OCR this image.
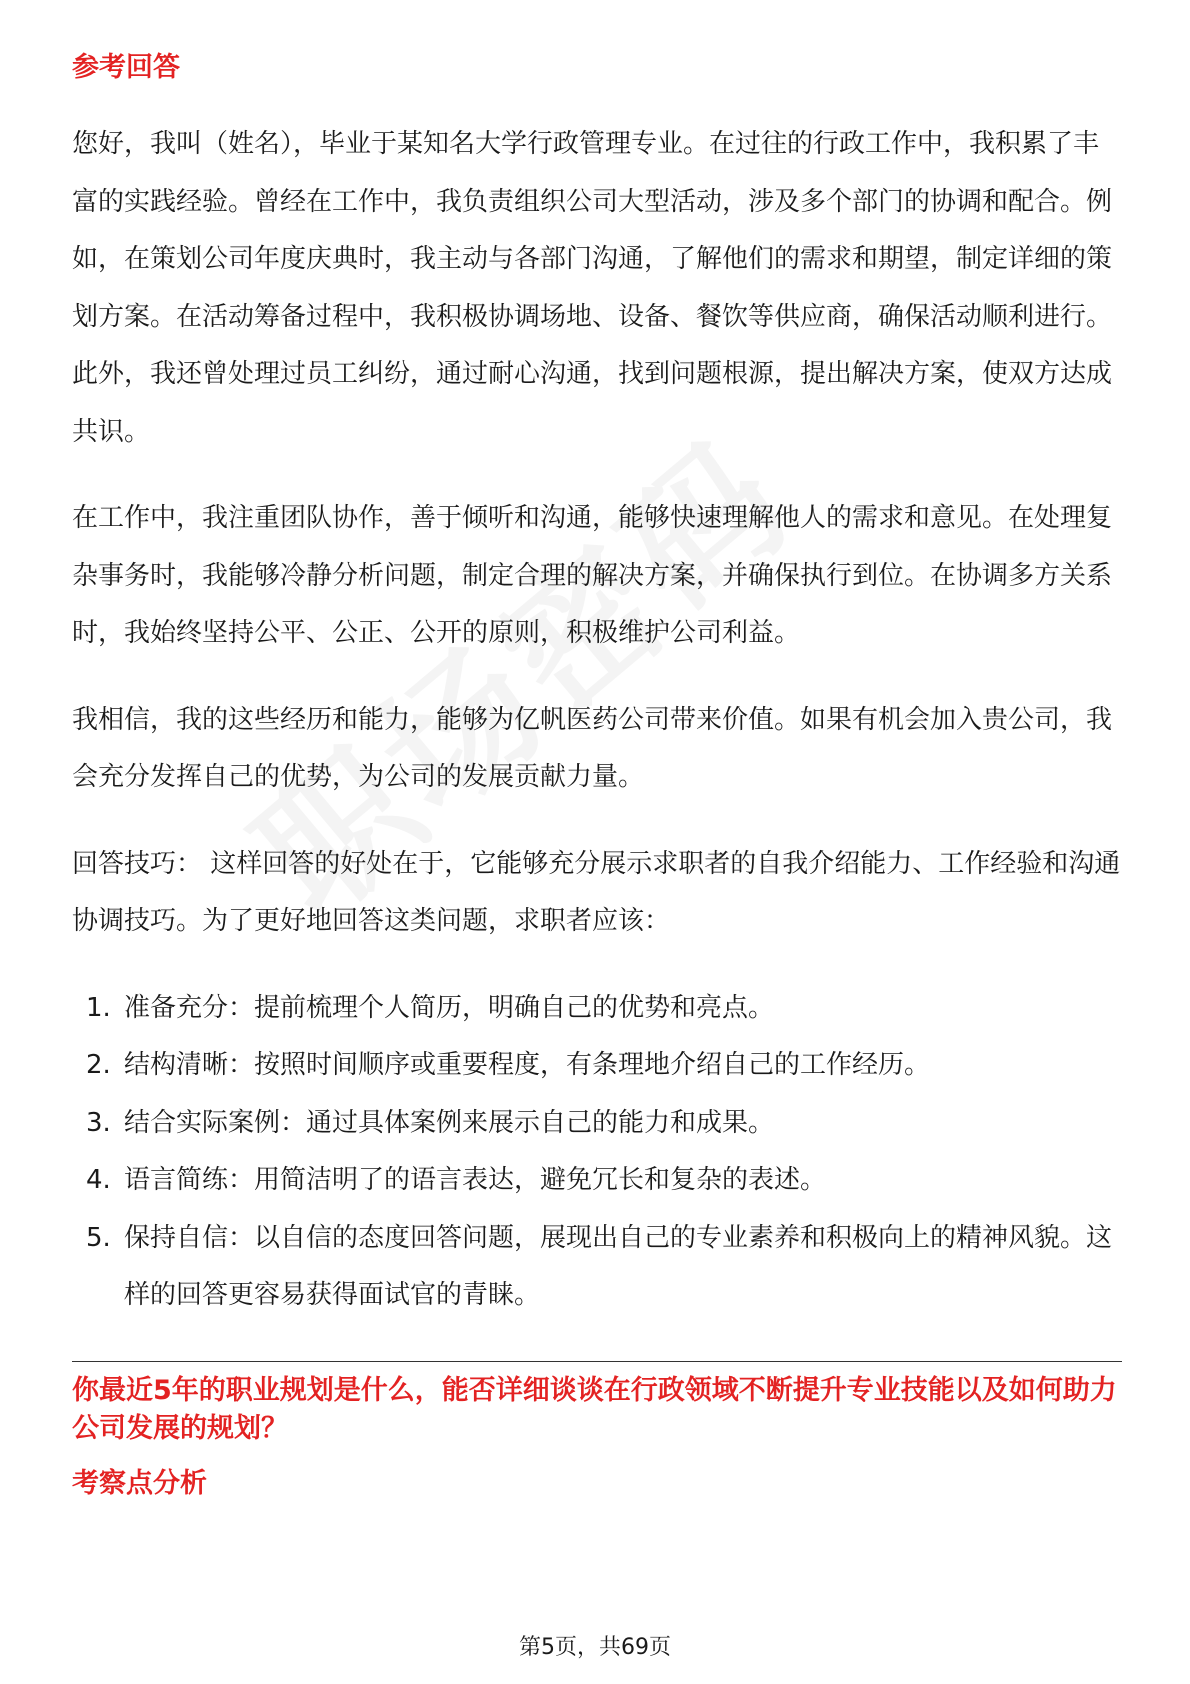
参考回答

您好，我叫（姓名），毕业于某知名大学行政管理专业。在过往的行政工作中，我积累了丰富的实践经验。曾经在工作中，我负责组织公司大型活动，涉及多个部门的协调和配合。例如，在策划公司年度庆典时，我主动与各部门沟通，了解他们的需求和期望，制定详细的策划方案。在活动筹备过程中，我积极协调场地、设备、餐饮等供应商，确保活动顺利进行。此外，我还曾处理过员工纠纷，通过耐心沟通，找到问题根源，提出解决方案，使双方达成共识。

在工作中，我注重团队协作，善于倾听和沟通，能够快速理解他人的需求和意见。在处理复杂事务时，我能够冷静分析问题，制定合理的解决方案，并确保执行到位。在协调多方关系时，我始终坚持公平、公正、公开的原则，积极维护公司利益。

我相信，我的这些经历和能力，能够为亿帆医药公司带来价值。如果有机会加入贵公司，我会充分发挥自己的优势，为公司的发展贡献力量。

回答技巧： 这样回答的好处在于，它能够充分展示求职者的自我介绍能力、工作经验和沟通协调技巧。为了更好地回答这类问题，求职者应该：

1. 准备充分：提前梳理个人简历，明确自己的优势和亮点。
2. 结构清晰：按照时间顺序或重要程度，有条理地介绍自己的工作经历。
3. 结合实际案例：通过具体案例来展示自己的能力和成果。
4. 语言简练：用简洁明了的语言表达，避免冗长和复杂的表述。
5. 保持自信：以自信的态度回答问题，展现出自己的专业素养和积极向上的精神风貌。这样的回答更容易获得面试官的青睐。
你最近5年的职业规划是什么，能否详细谈谈在行政领域不断提升专业技能以及如何助力公司发展的规划？
考察点分析
第5页，共69页
